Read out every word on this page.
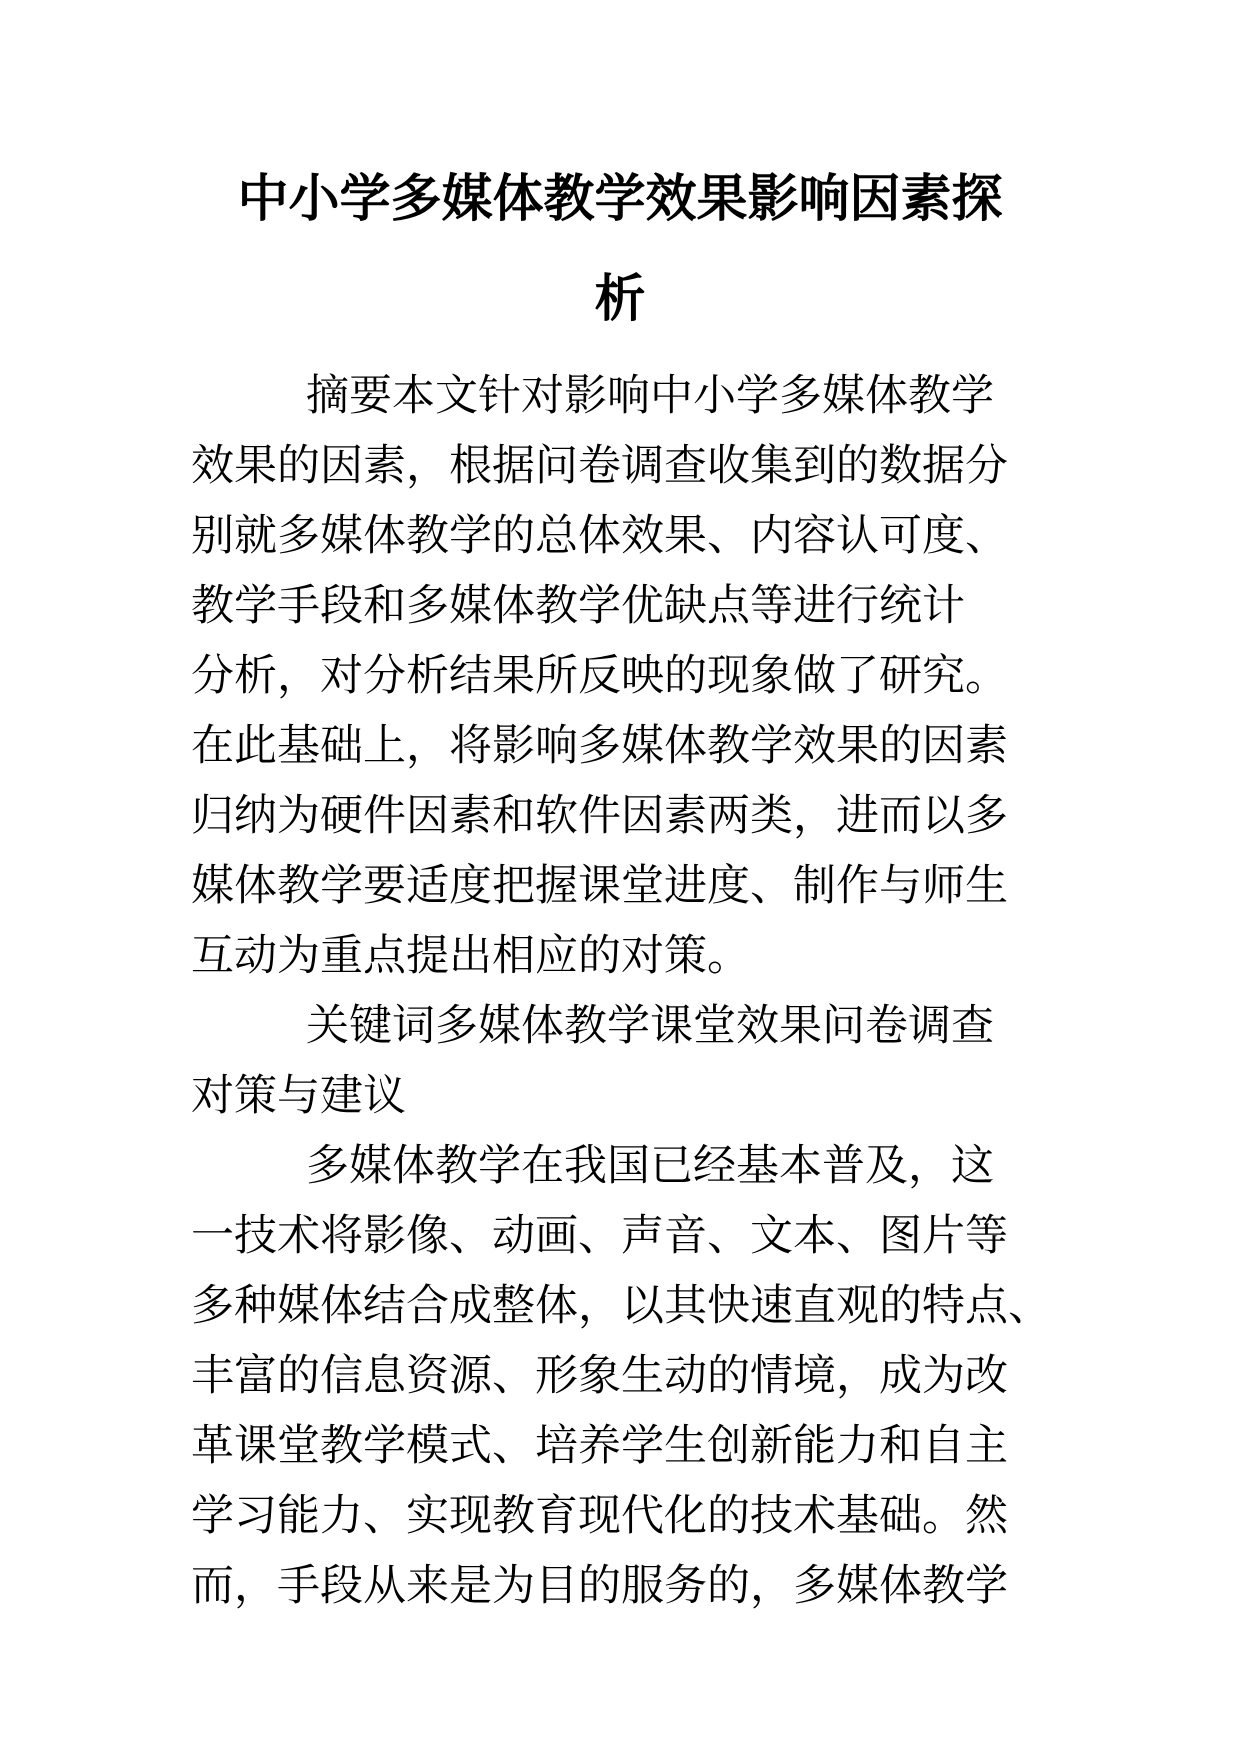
中小学多媒体教学效果影响因素探
析
摘要本文针对影响中小学多媒体教学
效果的因素，根据问卷调查收集到的数据分
别就多媒体教学的总体效果、内容认可度、
教学手段和多媒体教学优缺点等进行统计
分析，对分析结果所反映的现象做了研究。
在此基础上，将影响多媒体教学效果的因素
归纳为硬件因素和软件因素两类，进而以多
媒体教学要适度把握课堂进度、制作与师生
互动为重点提出相应的对策。
关键词多媒体教学课堂效果问卷调查
对策与建议
多媒体教学在我国已经基本普及，这
一技术将影像、动画、声音、文本、图片等
多种媒体结合成整体，以其快速直观的特点、
丰富的信息资源、形象生动的情境，成为改
革课堂教学模式、培养学生创新能力和自主
学习能力、实现教育现代化的技术基础。然
而，手段从来是为目的服务的，多媒体教学
